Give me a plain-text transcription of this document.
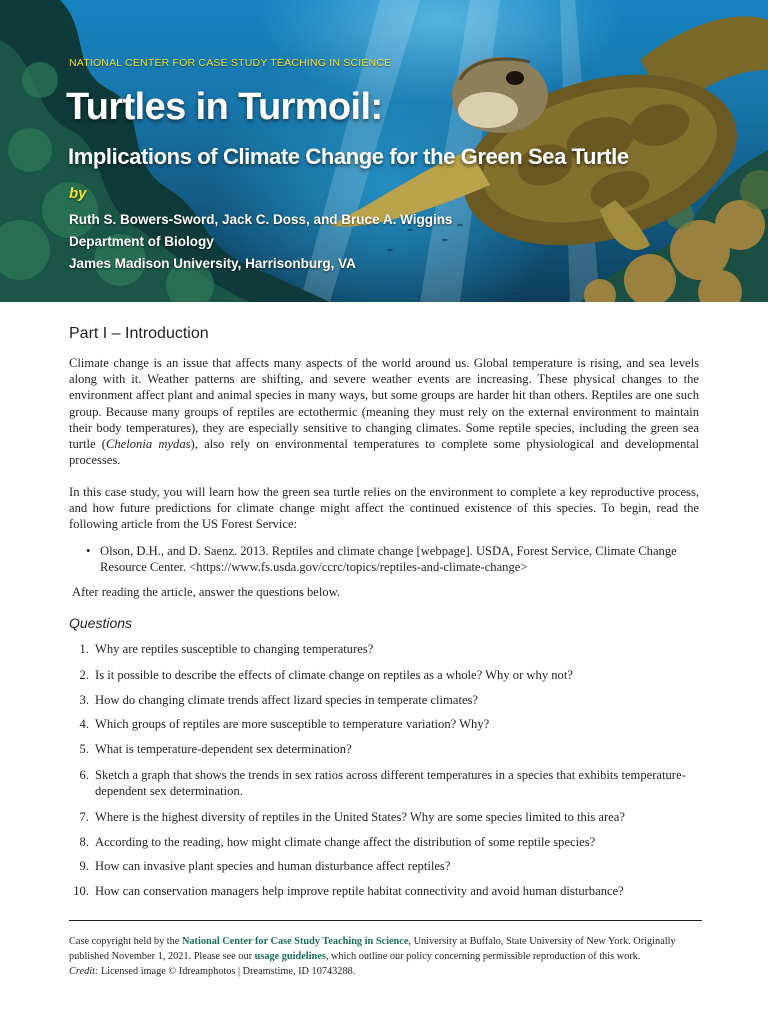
NATIONAL CENTER FOR CASE STUDY TEACHING IN SCIENCE
Turtles in Turmoil:
Implications of Climate Change for the Green Sea Turtle
by
Ruth S. Bowers-Sword, Jack C. Doss, and Bruce A. Wiggins
Department of Biology
James Madison University, Harrisonburg, VA
Part I – Introduction

Climate change is an issue that affects many aspects of the world around us. Global temperature is rising, and sea levels along with it. Weather patterns are shifting, and severe weather events are increasing. These physical changes to the environment affect plant and animal species in many ways, but some groups are harder hit than others. Reptiles are one such group. Because many groups of reptiles are ectothermic (meaning they must rely on the external environment to maintain their body temperatures), they are especially sensitive to changing climates. Some reptile species, including the green sea turtle (Chelonia mydas), also rely on environmental temperatures to complete some physiological and developmental processes.

In this case study, you will learn how the green sea turtle relies on the environment to complete a key reproductive process, and how future predictions for climate change might affect the continued existence of this species. To begin, read the following article from the US Forest Service:

• Olson, D.H., and D. Saenz. 2013. Reptiles and climate change [webpage]. USDA, Forest Service, Climate Change Resource Center. <https://www.fs.usda.gov/ccrc/topics/reptiles-and-climate-change>
After reading the article, answer the questions below.
Questions
1. Why are reptiles susceptible to changing temperatures?
2. Is it possible to describe the effects of climate change on reptiles as a whole? Why or why not?
3. How do changing climate trends affect lizard species in temperate climates?
4. Which groups of reptiles are more susceptible to temperature variation? Why?
5. What is temperature-dependent sex determination?
6. Sketch a graph that shows the trends in sex ratios across different temperatures in a species that exhibits temperature-dependent sex determination.
7. Where is the highest diversity of reptiles in the United States? Why are some species limited to this area?
8. According to the reading, how might climate change affect the distribution of some reptile species?
9. How can invasive plant species and human disturbance affect reptiles?
10. How can conservation managers help improve reptile habitat connectivity and avoid human disturbance?
Case copyright held by the National Center for Case Study Teaching in Science, University at Buffalo, State University of New York. Originally published November 1, 2021. Please see our usage guidelines, which outline our policy concerning permissible reproduction of this work.
Credit: Licensed image © Idreamphotos | Dreamstime, ID 10743288.
